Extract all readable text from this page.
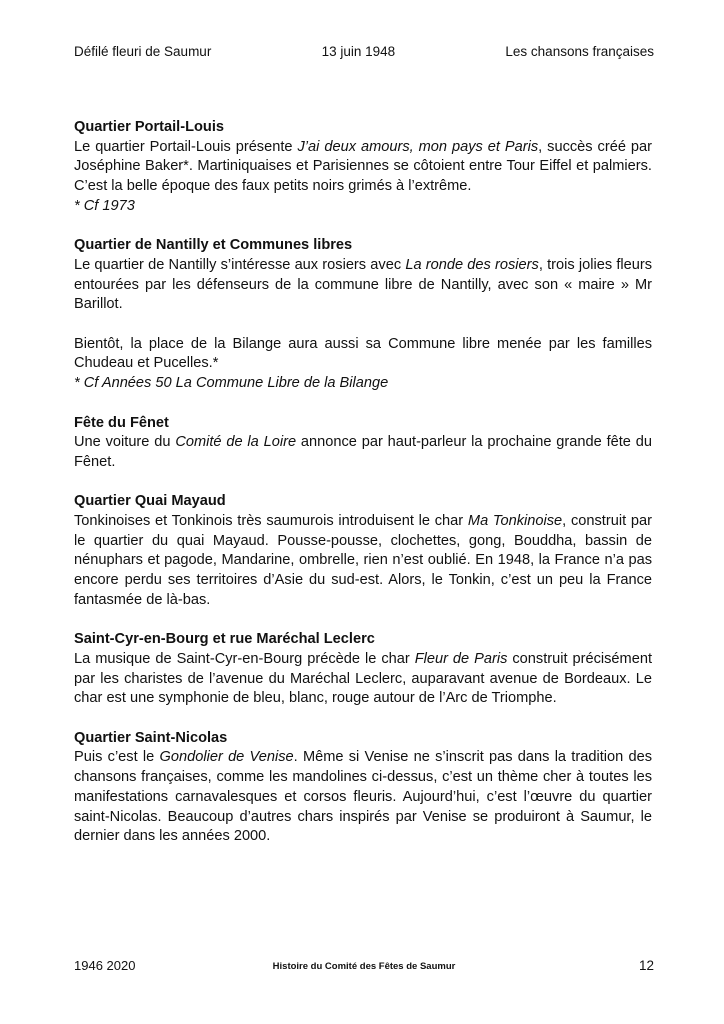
Défilé fleuri de Saumur	13 juin 1948	Les chansons françaises
Quartier Portail-Louis

Le quartier Portail-Louis présente J’ai deux amours, mon pays et Paris, succès créé par Joséphine Baker*. Martiniquaises et Parisiennes se côtoient entre Tour Eiffel et palmiers. C’est la belle époque des faux petits noirs grimés à l’extrême.

* Cf 1973
Quartier de Nantilly et Communes libres

Le quartier de Nantilly s’intéresse aux rosiers avec La ronde des rosiers, trois jolies fleurs entourées par les défenseurs de la commune libre de Nantilly, avec son « maire » Mr Barillot.

Bientôt, la place de la Bilange aura aussi sa Commune libre menée par les familles Chudeau et Pucelles.*

* Cf Années 50 La Commune Libre de la Bilange
Fête du Fênet

Une voiture du Comité de la Loire annonce par haut-parleur la prochaine grande fête du Fênet.

Quartier Quai Mayaud

Tonkinoises et Tonkinois très saumurois introduisent le char Ma Tonkinoise, construit par le quartier du quai Mayaud. Pousse-pousse, clochettes, gong, Bouddha, bassin de nénuphars et pagode, Mandarine, ombrelle, rien n’est oublié. En 1948, la France n’a pas encore perdu ses territoires d’Asie du sud-est. Alors, le Tonkin, c’est un peu la France fantasmée de là-bas.

Saint-Cyr-en-Bourg et rue Maréchal Leclerc

La musique de Saint-Cyr-en-Bourg précède le char Fleur de Paris construit précisément par les charistes de l’avenue du Maréchal Leclerc, auparavant avenue de Bordeaux. Le char est une symphonie de bleu, blanc, rouge autour de l’Arc de Triomphe.

Quartier Saint-Nicolas

Puis c’est le Gondolier de Venise. Même si Venise ne s’inscrit pas dans la tradition des chansons françaises, comme les mandolines ci-dessus, c’est un thème cher à toutes les manifestations carnavalesques et corsos fleuris. Aujourd’hui, c’est l’œuvre du quartier saint-Nicolas. Beaucoup d’autres chars inspirés par Venise se produiront à Saumur, le dernier dans les années 2000.

1946 2020	Histoire du Comité des Fêtes de Saumur	12
